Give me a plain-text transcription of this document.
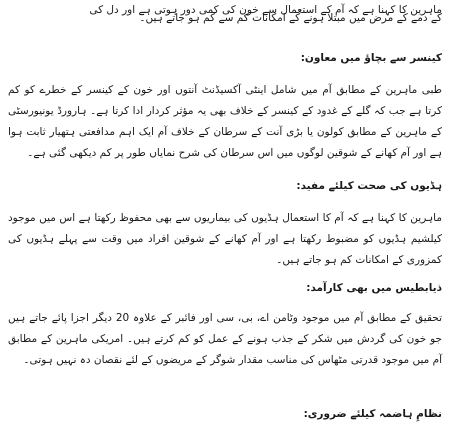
ماہرین کا کہنا ہے کہ آم کے استعمال سے خون کی کمی دور ہوتی ہے اور دل کی

کے دمے کے مرض میں مبتلا ہونے کے امکانات کم سے کم ہو جاتے ہیں۔

کینسر سے بچاؤ میں معاون:

طبی ماہرین کے مطابق آم میں شامل اینٹی آکسیڈنٹ آنتوں اور خون کے کینسر کے خطرے کو کم کرتا ہے جب کہ گلے کے غدود کے کینسر کے خلاف بھی یہ مؤثر کردار ادا کرتا ہے۔ ہارورڈ یونیورسٹی کے ماہرین کے مطابق کولون یا بڑی آنت کے سرطان کے خلاف آم ایک اہم مدافعتی ہتھیار ثابت ہوا ہے اور آم کھانے کے شوقین لوگوں میں اس سرطان کی شرح نمایاں طور پر کم دیکھی گئی ہے۔

ہڈیوں کی صحت کیلئے مفید:

ماہرین کا کہنا ہے کہ آم کا استعمال ہڈیوں کی بیماریوں سے بھی محفوظ رکھتا ہے اس میں موجود کیلشیم ہڈیوں کو مضبوط رکھتا ہے اور آم کھانے کے شوقین افراد میں وقت سے پہلے ہڈیوں کی کمزوری کے امکانات کم ہو جاتے ہیں۔

ذیابطیس میں بھی کارآمد:

تحقیق کے مطابق آم میں موجود وٹامن اے، بی، سی اور فائبر کے علاوہ 20 دیگر اجزا پائے جاتے ہیں جو خون کی گردش میں شکر کے جذب ہونے کے عمل کو کم کرتے ہیں۔ امریکی ماہرین کے مطابق آم میں موجود قدرتی مٹھاس کی مناسب مقدار شوگر کے مریضوں کے لئے نقصان دہ نہیں ہوتی۔

نظامِ ہاضمہ کیلئے ضروری:
